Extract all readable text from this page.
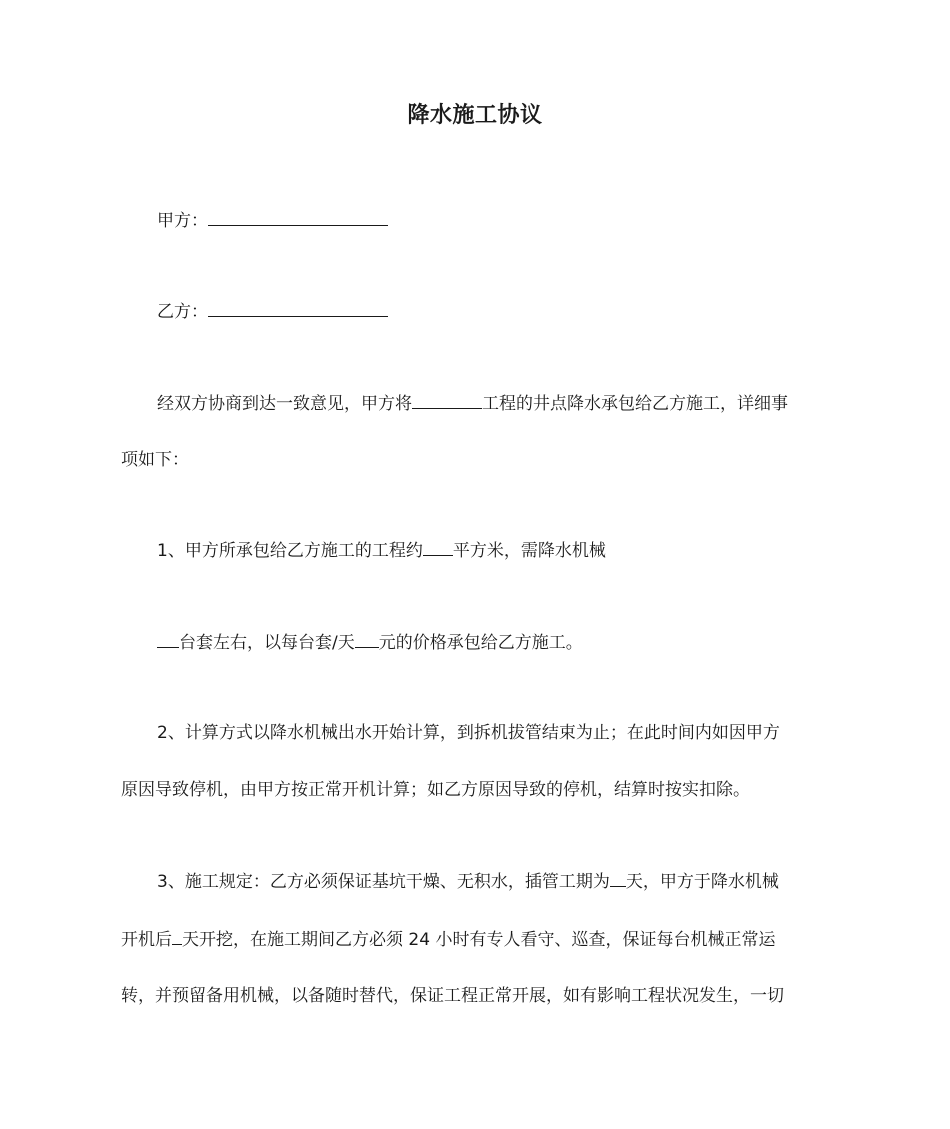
降水施工协议
甲方：
乙方：
经双方协商到达一致意见，甲方将	工程的井点降水承包给乙方施工，详细事
项如下：
1、甲方所承包给乙方施工的工程约 平方米，需降水机械
台套左右，以每台套/天 元的价格承包给乙方施工。
2、计算方式以降水机械出水开始计算，到拆机拔管结束为止；在此时间内如因甲方
原因导致停机，由甲方按正常开机计算；如乙方原因导致的停机，结算时按实扣除。
3、施工规定：乙方必须保证基坑干燥、无积水，插管工期为 天，甲方于降水机械
开机后 天开挖，在施工期间乙方必须 24 小时有专人看守、巡查，保证每台机械正常运
转，并预留备用机械，以备随时替代，保证工程正常开展，如有影响工程状况发生，一切
